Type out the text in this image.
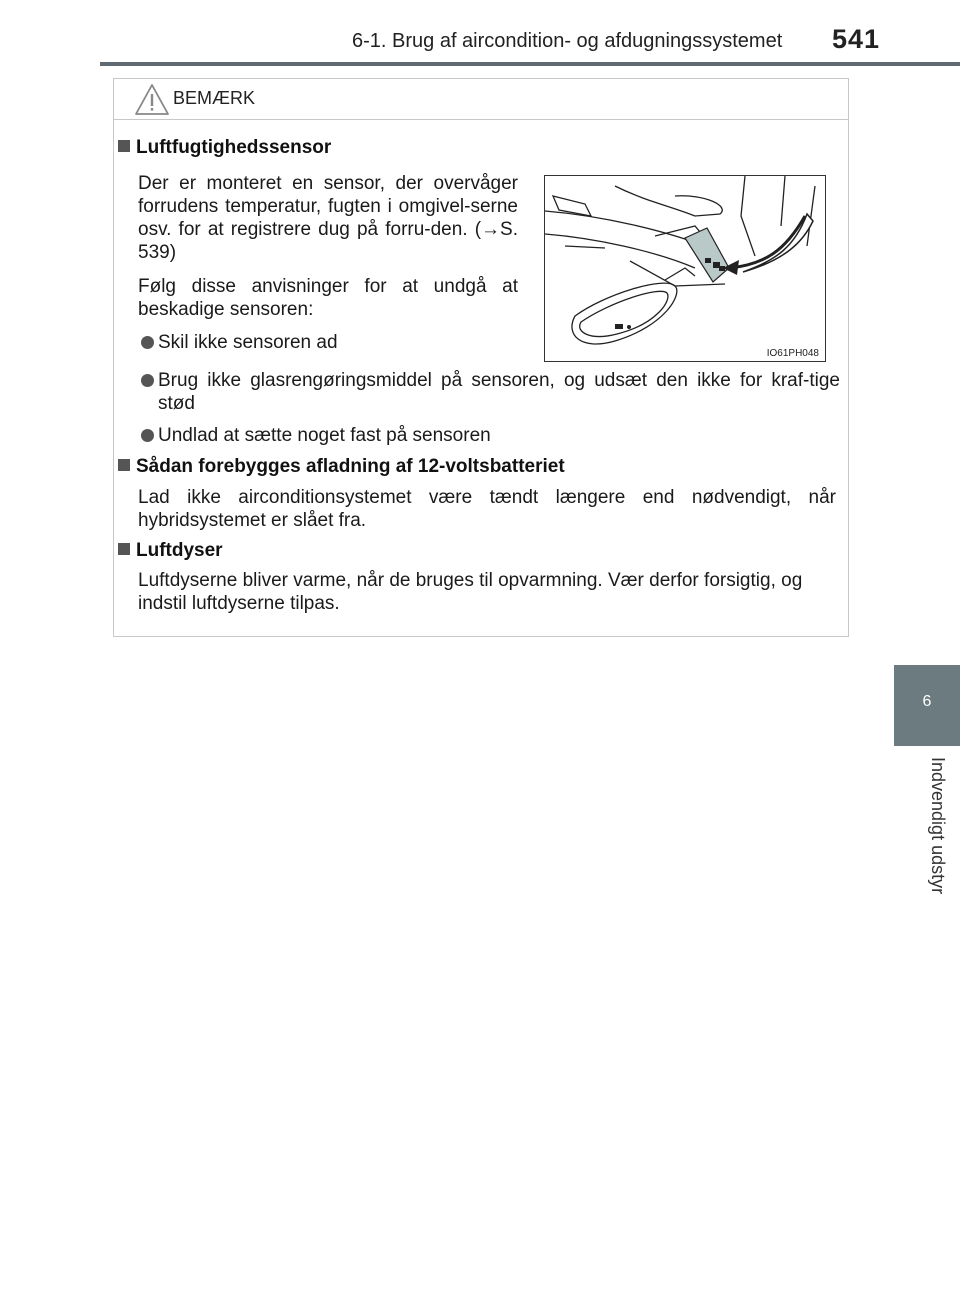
6-1. Brug af aircondition- og afdugningssystemet 541
6
Indvendigt udstyr
BEMÆRK
Luftfugtighedssensor
Der er monteret en sensor, der overvåger forrudens temperatur, fugten i omgivel-serne osv. for at registrere dug på forru-den. (→S. 539)
Følg disse anvisninger for at undgå at beskadige sensoren:
Skil ikke sensoren ad
IO61PH048
Brug ikke glasrengøringsmiddel på sensoren, og udsæt den ikke for kraf-tige stød
Undlad at sætte noget fast på sensoren
Sådan forebygges afladning af 12-voltsbatteriet
Lad ikke airconditionsystemet være tændt længere end nødvendigt, når hybridsystemet er slået fra.
Luftdyser
Luftdyserne bliver varme, når de bruges til opvarmning. Vær derfor forsigtig, og indstil luftdyserne tilpas.
